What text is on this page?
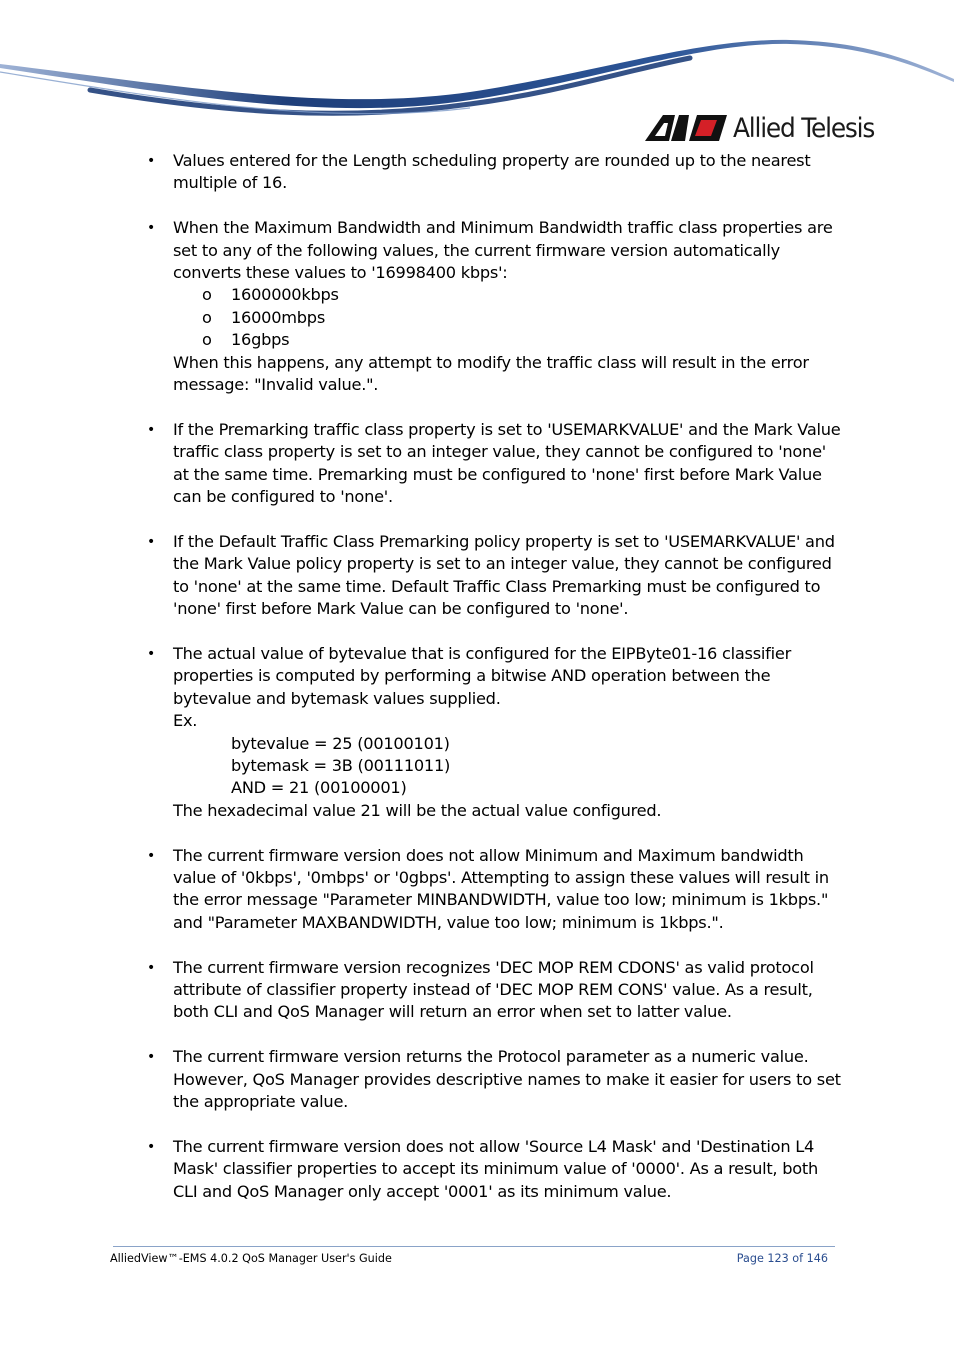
Allied Telesis
• Values entered for the Length scheduling property are rounded up to the nearest multiple of 16.

• When the Maximum Bandwidth and Minimum Bandwidth traffic class properties are set to any of the following values, the current firmware version automatically converts these values to '16998400 kbps':

o 1600000kbps
o 16000mbps
o 16gbps

When this happens, any attempt to modify the traffic class will result in the error message: "Invalid value.".

• If the Premarking traffic class property is set to 'USEMARKVALUE' and the Mark Value traffic class property is set to an integer value, they cannot be configured to 'none' at the same time. Premarking must be configured to 'none' first before Mark Value can be configured to 'none'.

• If the Default Traffic Class Premarking policy property is set to 'USEMARKVALUE' and the Mark Value policy property is set to an integer value, they cannot be configured to 'none' at the same time. Default Traffic Class Premarking must be configured to 'none' first before Mark Value can be configured to 'none'.

• The actual value of bytevalue that is configured for the EIPByte01-16 classifier properties is computed by performing a bitwise AND operation between the bytevalue and bytemask values supplied.

Ex.

bytevalue = 25 (00100101)

bytemask = 3B (00111011)

AND = 21 (00100001)

The hexadecimal value 21 will be the actual value configured.

• The current firmware version does not allow Minimum and Maximum bandwidth value of '0kbps', '0mbps' or '0gbps'. Attempting to assign these values will result in the error message "Parameter MINBANDWIDTH, value too low; minimum is 1kbps." and "Parameter MAXBANDWIDTH, value too low; minimum is 1kbps.".

• The current firmware version recognizes 'DEC MOP REM CDONS' as valid protocol attribute of classifier property instead of 'DEC MOP REM CONS' value. As a result, both CLI and QoS Manager will return an error when set to latter value.

• The current firmware version returns the Protocol parameter as a numeric value. However, QoS Manager provides descriptive names to make it easier for users to set the appropriate value.

• The current firmware version does not allow 'Source L4 Mask' and 'Destination L4 Mask' classifier properties to accept its minimum value of '0000'. As a result, both CLI and QoS Manager only accept '0001' as its minimum value.

AlliedView™-EMS 4.0.2 QoS Manager User's Guide	Page 123 of 146
